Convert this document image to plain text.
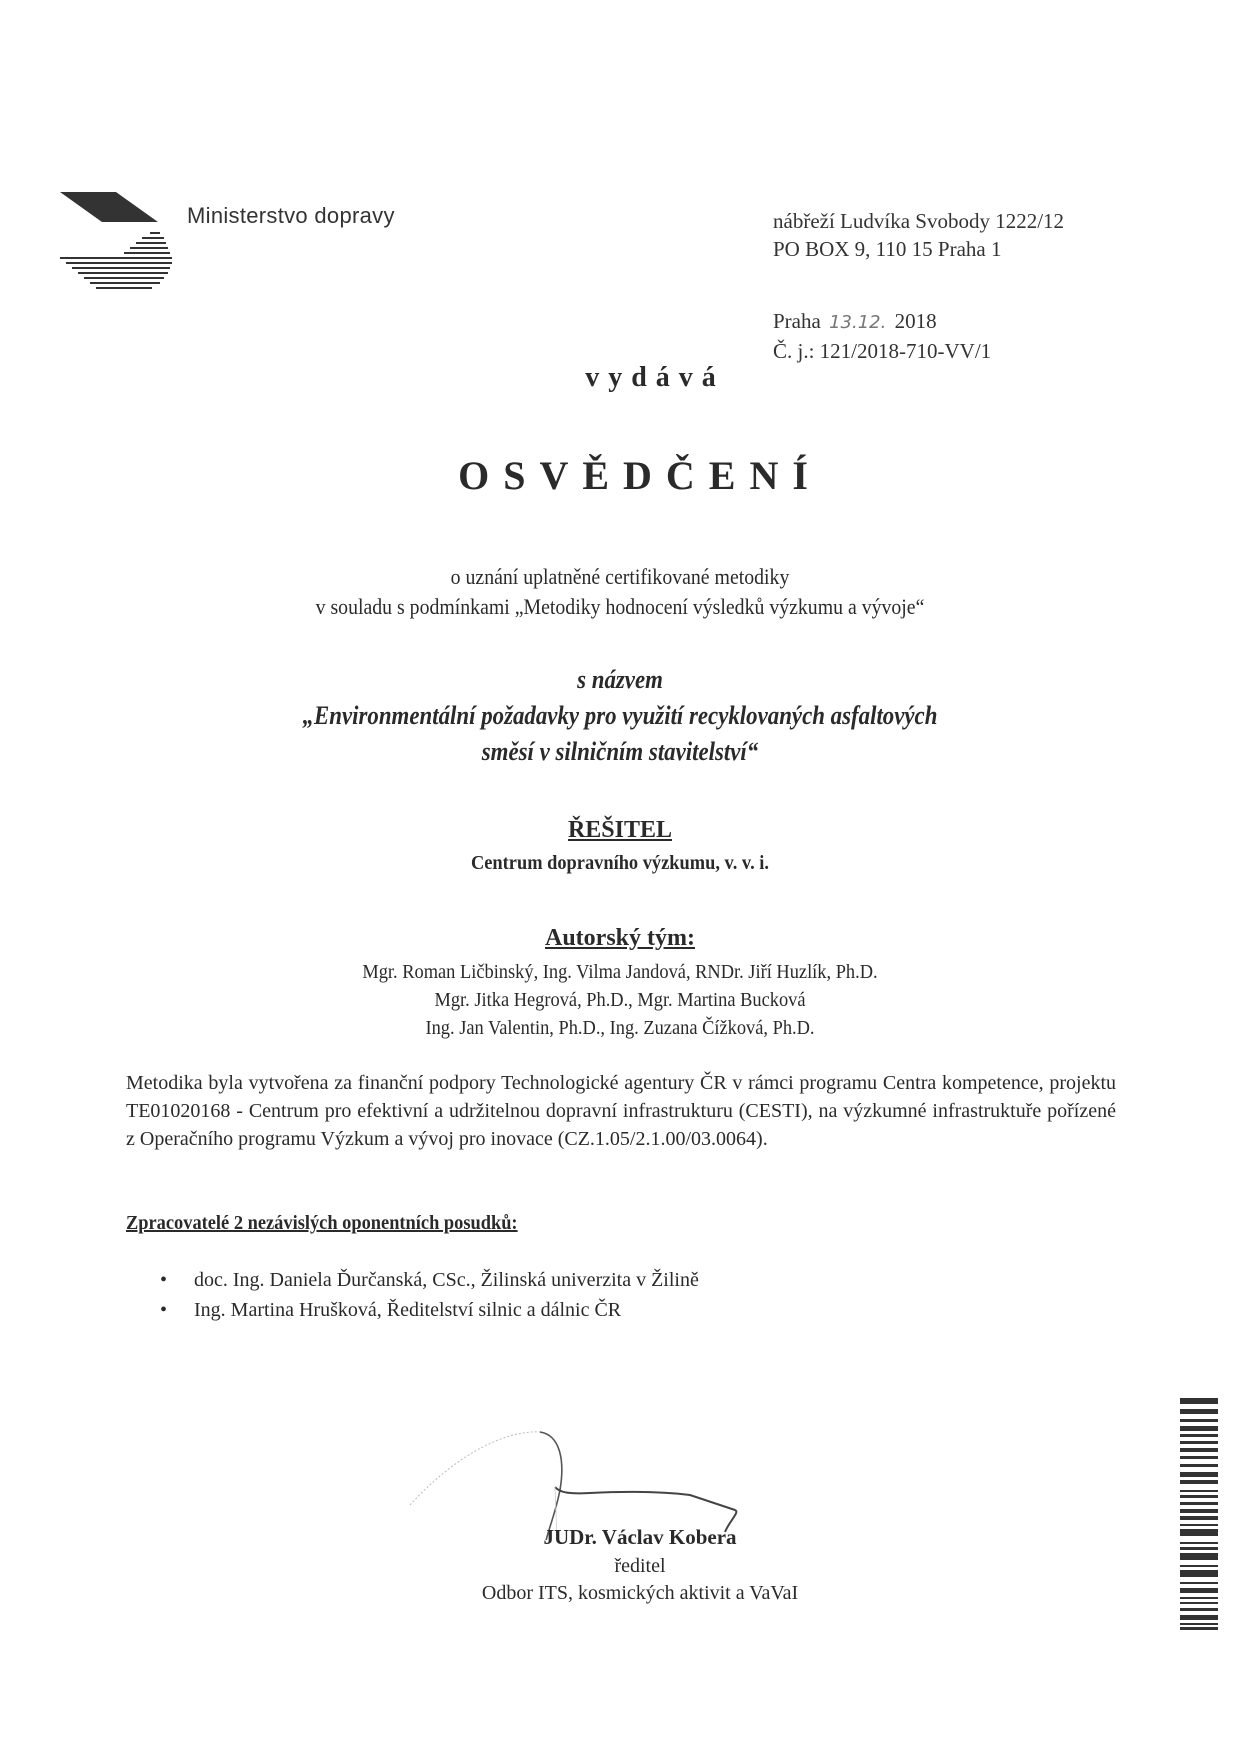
Ministerstvo dopravy	nábřeží Ludvíka Svobody 1222/12
PO BOX 9, 110 15 Praha 1
Praha 13.12. 2018
Č. j.: 121/2018-710-VV/1
vydává
OSVĚDČENÍ
o uznání uplatněné certifikované metodiky
v souladu s podmínkami „Metodiky hodnocení výsledků výzkumu a vývoje“
s názvem
„Environmentální požadavky pro využití recyklovaných asfaltových
směsí v silničním stavitelství“
ŘEŠITEL
Centrum dopravního výzkumu, v. v. i.
Autorský tým:
Mgr. Roman Ličbinský, Ing. Vilma Jandová, RNDr. Jiří Huzlík, Ph.D.
Mgr. Jitka Hegrová, Ph.D., Mgr. Martina Bucková
Ing. Jan Valentin, Ph.D., Ing. Zuzana Čížková, Ph.D.
Metodika byla vytvořena za finanční podpory Technologické agentury ČR v rámci programu Centra kompetence, projektu TE01020168 - Centrum pro efektivní a udržitelnou dopravní infrastrukturu (CESTI), na výzkumné infrastruktuře pořízené z Operačního programu Výzkum a vývoj pro inovace (CZ.1.05/2.1.00/03.0064).
Zpracovatelé 2 nezávislých oponentních posudků:
• doc. Ing. Daniela Ďurčanská, CSc., Žilinská univerzita v Žilině
• Ing. Martina Hrušková, Ředitelství silnic a dálnic ČR
JUDr. Václav Kobera
ředitel
Odbor ITS, kosmických aktivit a VaVaI
